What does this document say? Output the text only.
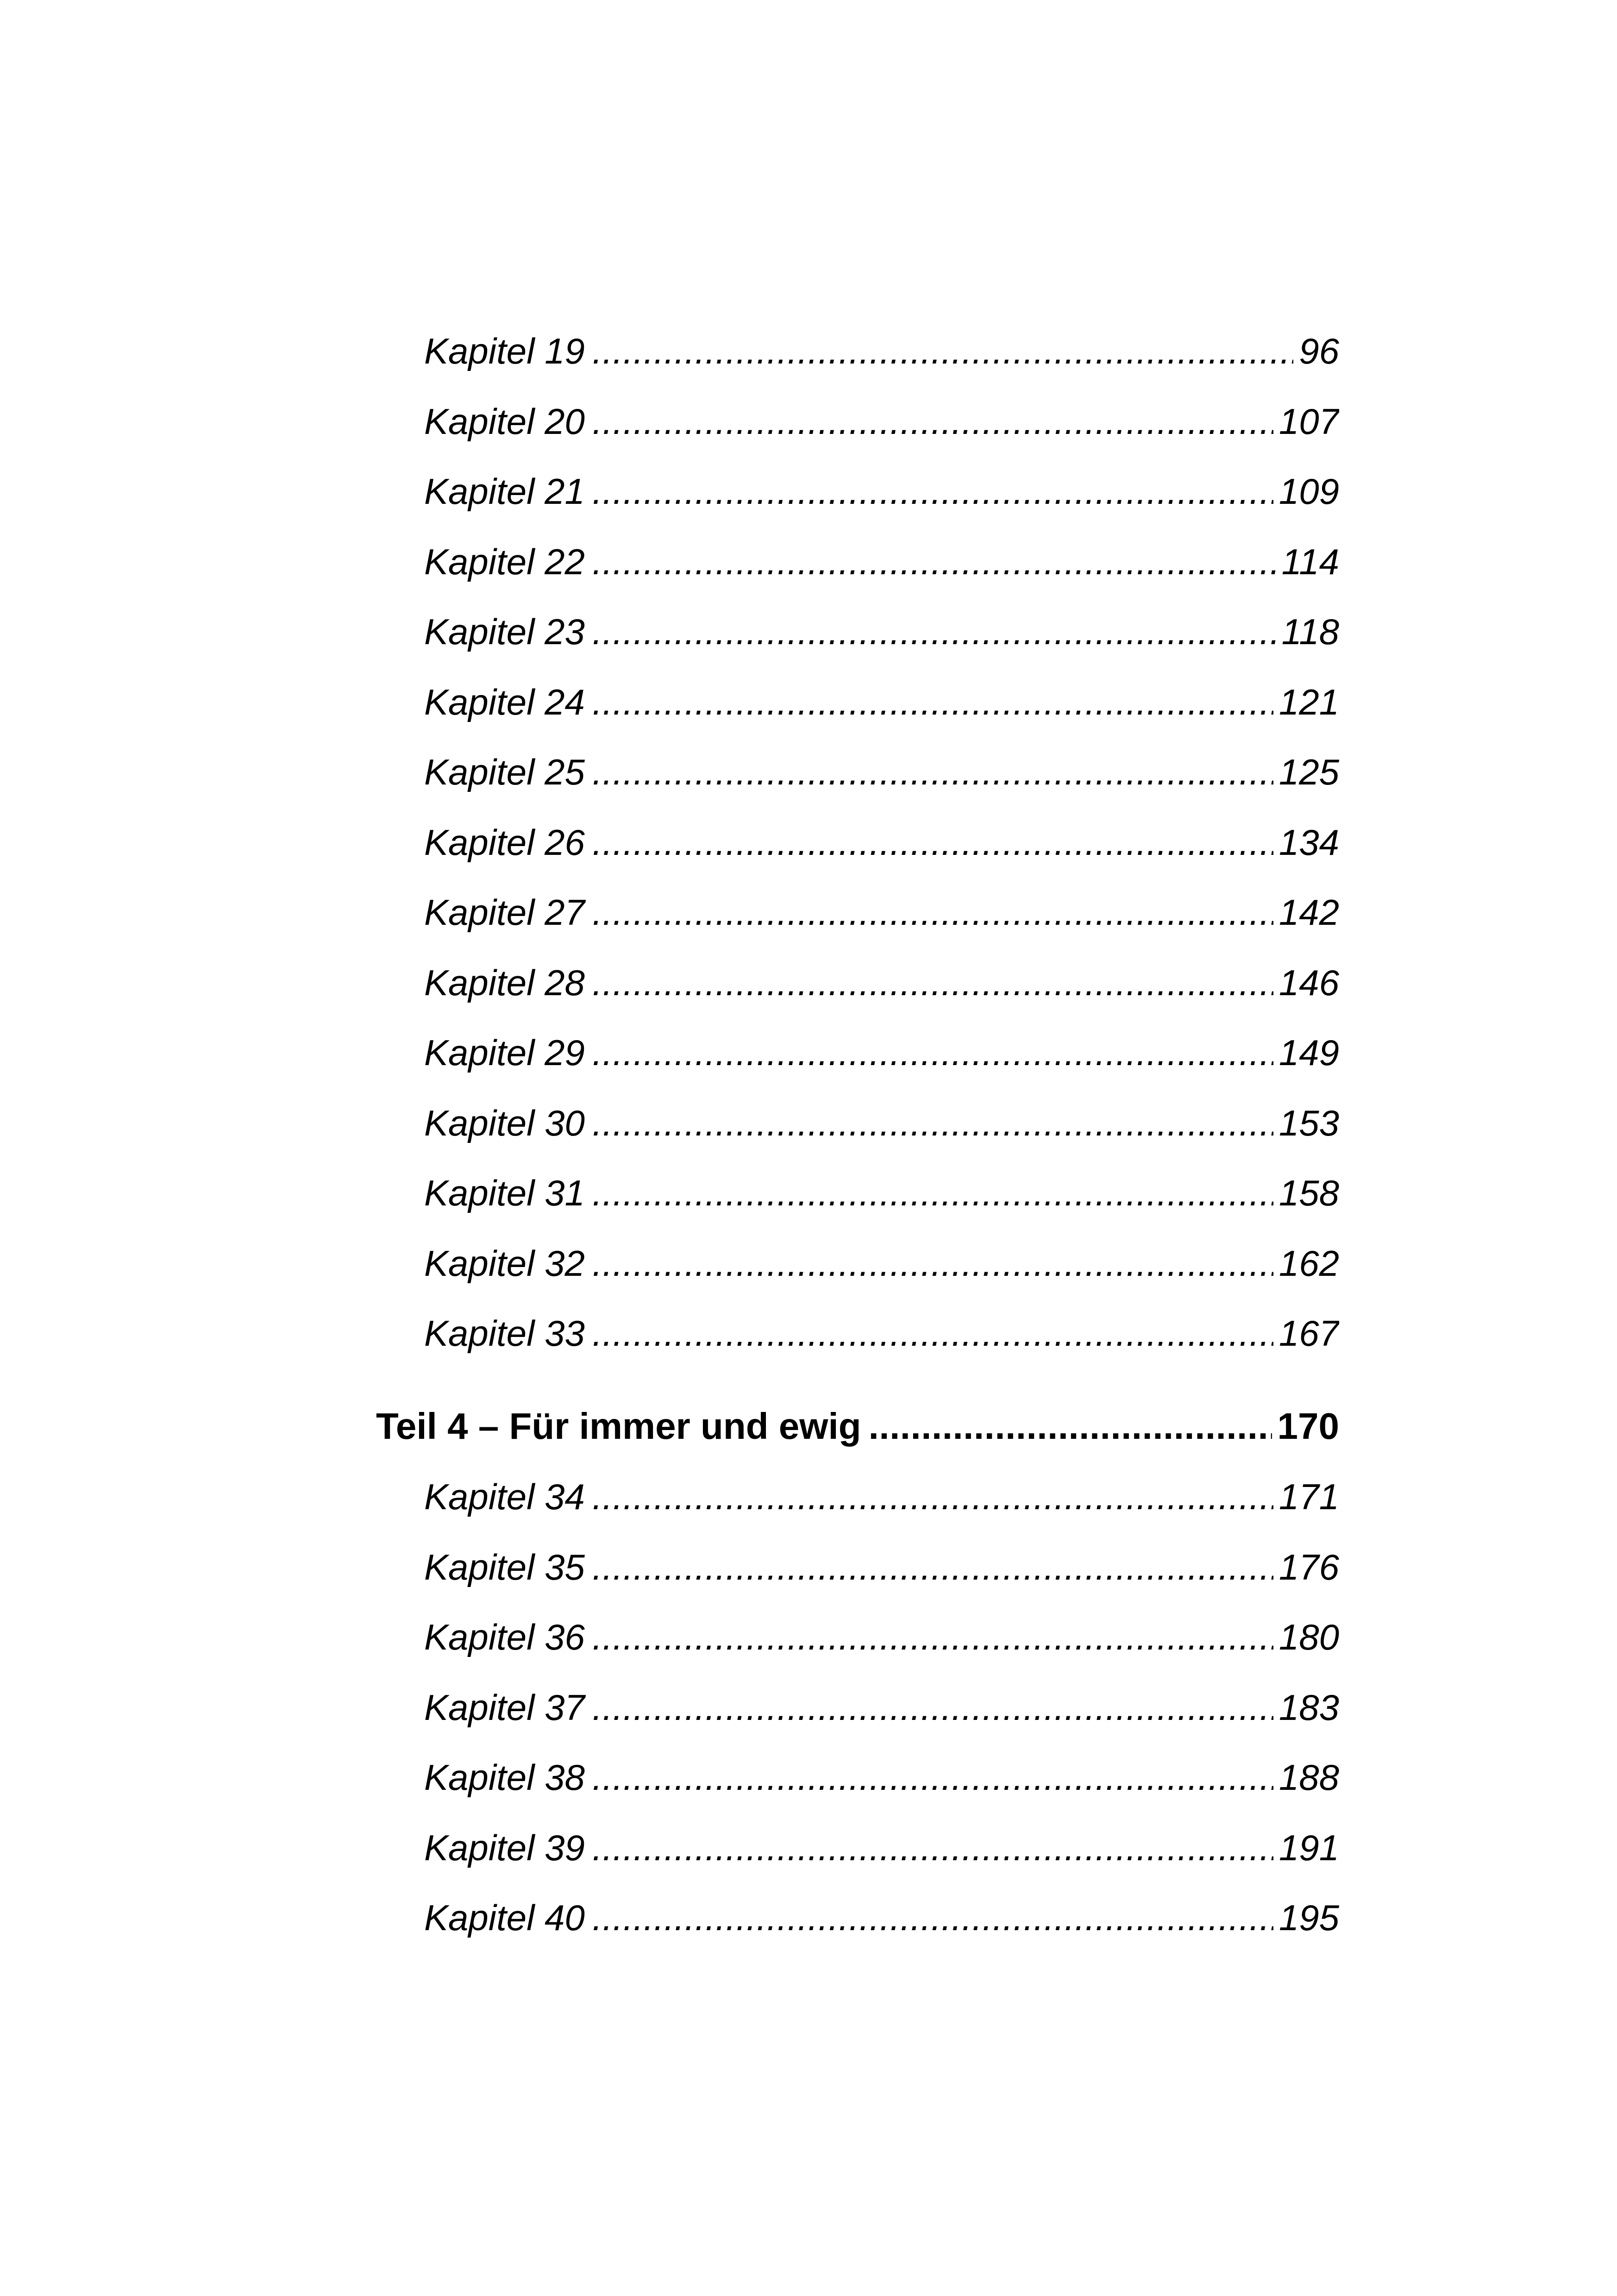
Kapitel 19 .....	96
Kapitel 20 .....	107
Kapitel 21 .....	109
Kapitel 22 .....	114
Kapitel 23 .....	118
Kapitel 24 .....	121
Kapitel 25 .....	125
Kapitel 26 .....	134
Kapitel 27 .....	142
Kapitel 28 .....	146
Kapitel 29 .....	149
Kapitel 30 .....	153
Kapitel 31 .....	158
Kapitel 32 .....	162
Kapitel 33 .....	167
Teil 4 – Für immer und ewig .....	170
Kapitel 34 .....	171
Kapitel 35 .....	176
Kapitel 36 .....	180
Kapitel 37 .....	183
Kapitel 38 .....	188
Kapitel 39 .....	191
Kapitel 40 .....	195
